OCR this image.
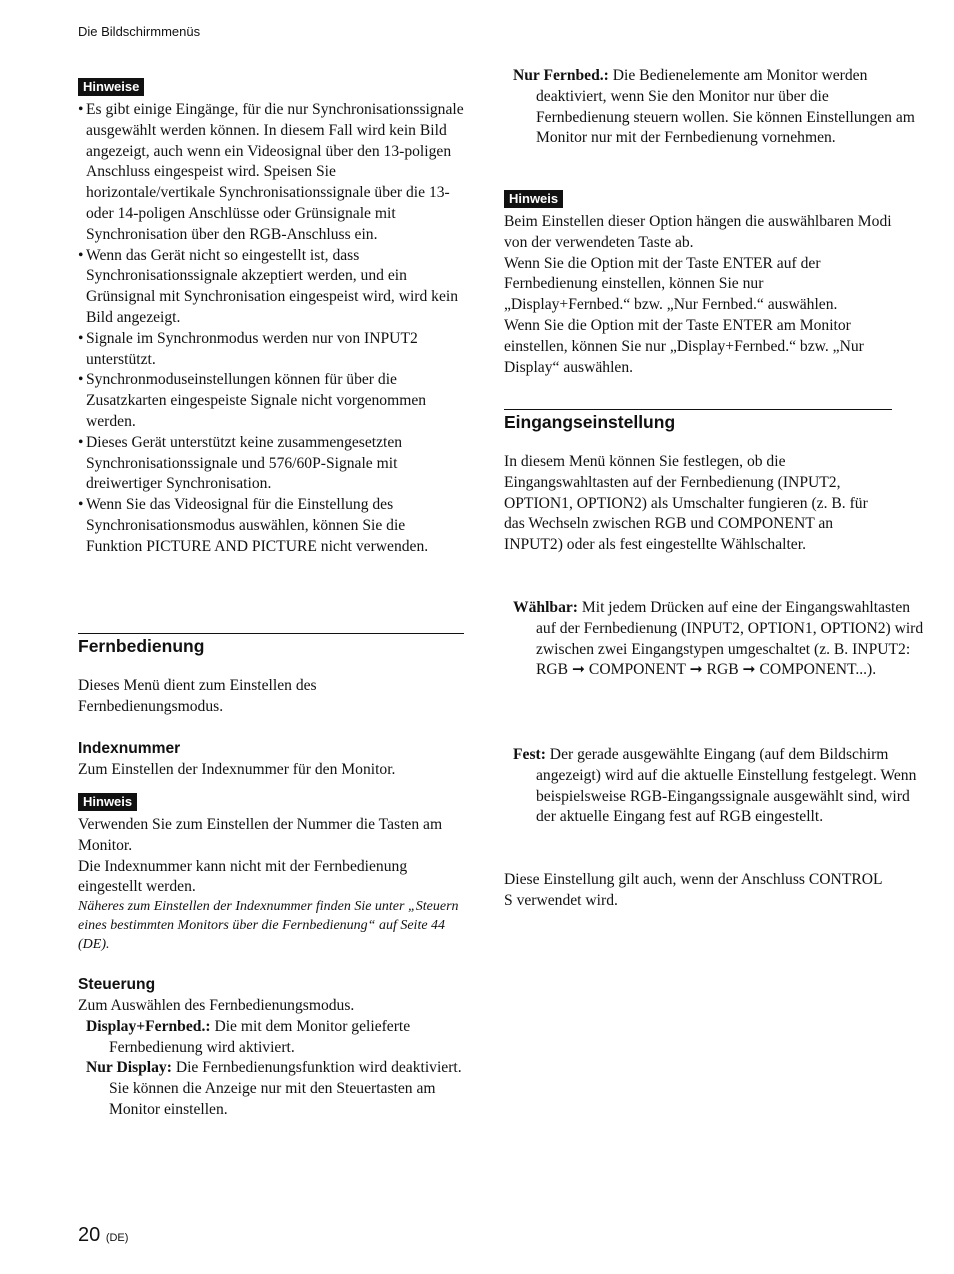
Die Bildschirmmenüs
Hinweise
• Es gibt einige Eingänge, für die nur Synchronisationssignale ausgewählt werden können. In diesem Fall wird kein Bild angezeigt, auch wenn ein Videosignal über den 13-poligen Anschluss eingespeist wird. Speisen Sie horizontale/vertikale Synchronisationssignale über die 13- oder 14-poligen Anschlüsse oder Grünsignale mit Synchronisation über den RGB-Anschluss ein.
• Wenn das Gerät nicht so eingestellt ist, dass Synchronisationssignale akzeptiert werden, und ein Grünsignal mit Synchronisation eingespeist wird, wird kein Bild angezeigt.
• Signale im Synchronmodus werden nur von INPUT2 unterstützt.
• Synchronmoduseinstellungen können für über die Zusatzkarten eingespeiste Signale nicht vorgenommen werden.
• Dieses Gerät unterstützt keine zusammengesetzten Synchronisationssignale und 576/60P-Signale mit dreiwertiger Synchronisation.
• Wenn Sie das Videosignal für die Einstellung des Synchronisationsmodus auswählen, können Sie die Funktion PICTURE AND PICTURE nicht verwenden.
Fernbedienung

Dieses Menü dient zum Einstellen des Fernbedienungsmodus.

Indexnummer

Zum Einstellen der Indexnummer für den Monitor.

Hinweis

Verwenden Sie zum Einstellen der Nummer die Tasten am Monitor.

Die Indexnummer kann nicht mit der Fernbedienung eingestellt werden.

Näheres zum Einstellen der Indexnummer finden Sie unter „Steuern eines bestimmten Monitors über die Fernbedienung“ auf Seite 44 (DE).

Steuerung

Zum Auswählen des Fernbedienungsmodus.

Display+Fernbed.: Die mit dem Monitor gelieferte Fernbedienung wird aktiviert.

Nur Display: Die Fernbedienungsfunktion wird deaktiviert. Sie können die Anzeige nur mit den Steuertasten am Monitor einstellen.

Nur Fernbed.: Die Bedienelemente am Monitor werden deaktiviert, wenn Sie den Monitor nur über die Fernbedienung steuern wollen. Sie können Einstellungen am Monitor nur mit der Fernbedienung vornehmen.

Hinweis

Beim Einstellen dieser Option hängen die auswählbaren Modi von der verwendeten Taste ab.

Wenn Sie die Option mit der Taste ENTER auf der Fernbedienung einstellen, können Sie nur „Display+Fernbed.“ bzw. „Nur Fernbed.“ auswählen.

Wenn Sie die Option mit der Taste ENTER am Monitor einstellen, können Sie nur „Display+Fernbed.“ bzw. „Nur Display“ auswählen.

Eingangseinstellung

In diesem Menü können Sie festlegen, ob die Eingangswahltasten auf der Fernbedienung (INPUT2, OPTION1, OPTION2) als Umschalter fungieren (z. B. für das Wechseln zwischen RGB und COMPONENT an INPUT2) oder als fest eingestellte Wählschalter.

Wählbar: Mit jedem Drücken auf eine der Eingangswahltasten auf der Fernbedienung (INPUT2, OPTION1, OPTION2) wird zwischen zwei Eingangstypen umgeschaltet (z. B. INPUT2: RGB ➞ COMPONENT ➞ RGB ➞ COMPONENT...).

Fest: Der gerade ausgewählte Eingang (auf dem Bildschirm angezeigt) wird auf die aktuelle Einstellung festgelegt. Wenn beispielsweise RGB-Eingangssignale ausgewählt sind, wird der aktuelle Eingang fest auf RGB eingestellt.

Diese Einstellung gilt auch, wenn der Anschluss CONTROL S verwendet wird.

20 (DE)
